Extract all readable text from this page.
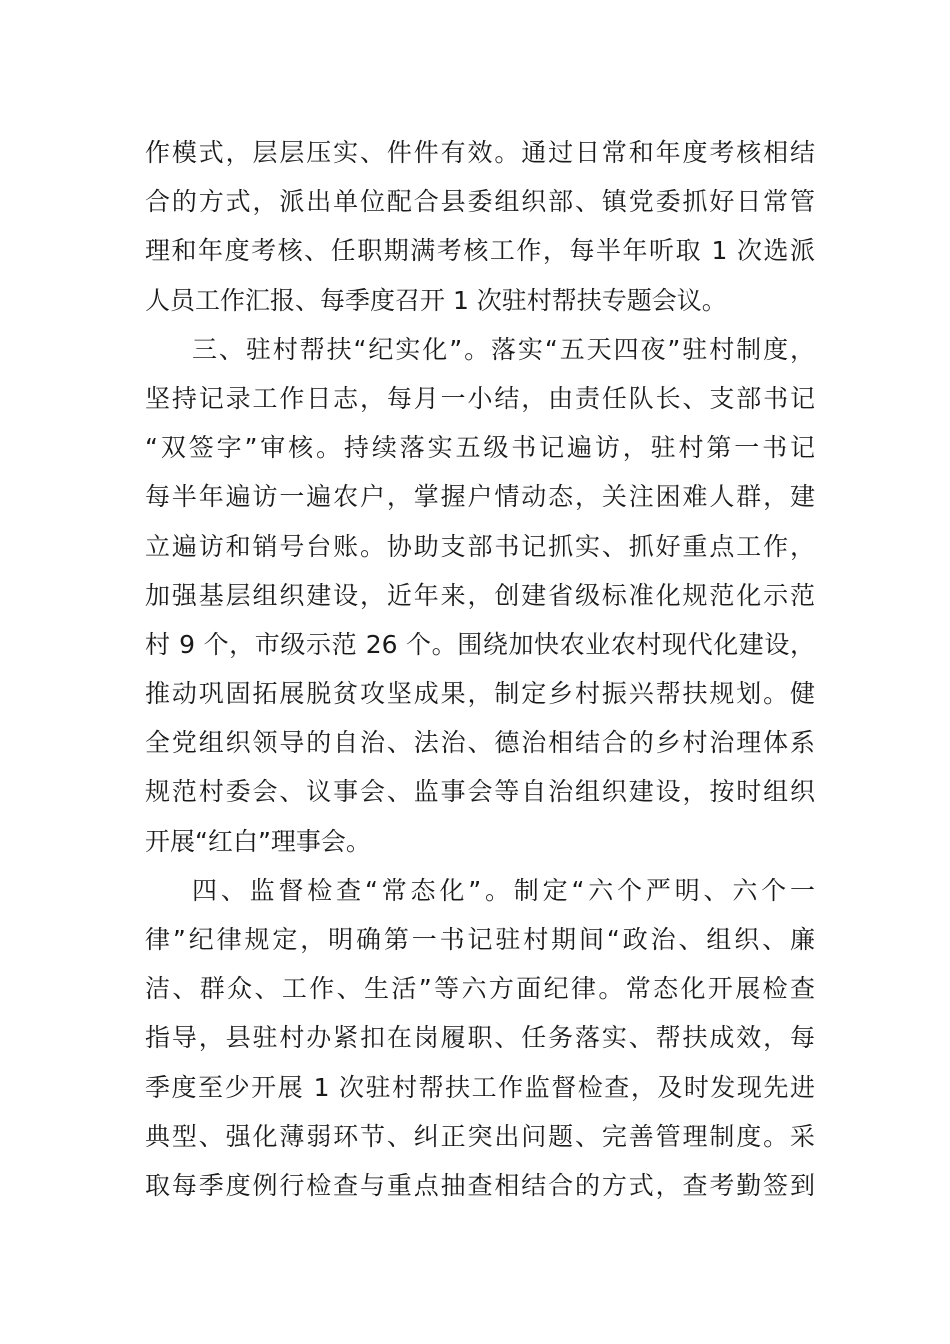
作模式，层层压实、件件有效。通过日常和年度考核相结
合的方式，派出单位配合县委组织部、镇党委抓好日常管
理和年度考核、任职期满考核工作，每半年听取 1 次选派
人员工作汇报、每季度召开 1 次驻村帮扶专题会议。
三、驻村帮扶“纪实化”。落实“五天四夜”驻村制度，
坚持记录工作日志，每月一小结，由责任队长、支部书记
“双签字”审核。持续落实五级书记遍访，驻村第一书记
每半年遍访一遍农户，掌握户情动态，关注困难人群，建
立遍访和销号台账。协助支部书记抓实、抓好重点工作，
加强基层组织建设，近年来，创建省级标准化规范化示范
村 9 个，市级示范 26 个。围绕加快农业农村现代化建设，
推动巩固拓展脱贫攻坚成果，制定乡村振兴帮扶规划。健
全党组织领导的自治、法治、德治相结合的乡村治理体系
规范村委会、议事会、监事会等自治组织建设，按时组织
开展“红白”理事会。
四、监督检查“常态化”。制定“六个严明、六个一
律”纪律规定，明确第一书记驻村期间“政治、组织、廉
洁、群众、工作、生活”等六方面纪律。常态化开展检查
指导，县驻村办紧扣在岗履职、任务落实、帮扶成效，每
季度至少开展 1 次驻村帮扶工作监督检查，及时发现先进
典型、强化薄弱环节、纠正突出问题、完善管理制度。采
取每季度例行检查与重点抽查相结合的方式，查考勤签到
